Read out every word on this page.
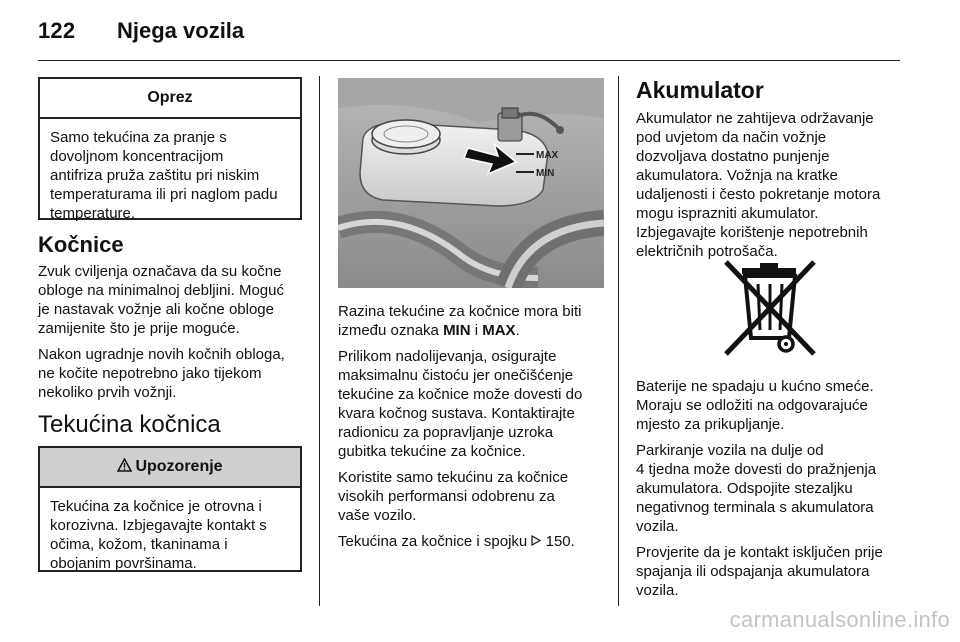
122 Njega vozila
Oprez
Samo tekućina za pranje s
dovoljnom koncentracijom
antifriza pruža zaštitu pri niskim
temperaturama ili pri naglom padu
temperature.
Kočnice

Zvuk cviljenja označava da su kočne
obloge na minimalnoj debljini. Moguć
je nastavak vožnje ali kočne obloge
zamijenite što je prije moguće.

Nakon ugradnje novih kočnih obloga,
ne kočite nepotrebno jako tijekom
nekoliko prvih vožnji.

Tekućina kočnica
Upozorenje
Tekućina za kočnice je otrovna i
korozivna. Izbjegavajte kontakt s
očima, kožom, tkaninama i
obojanim površinama.
MAX
MIN

Razina tekućine za kočnice mora biti
između oznaka MIN i MAX.

Prilikom nadolijevanja, osigurajte
maksimalnu čistoću jer onečišćenje
tekućine za kočnice može dovesti do
kvara kočnog sustava. Kontaktirajte
radionicu za popravljanje uzroka
gubitka tekućine za kočnice.

Koristite samo tekućinu za kočnice
visokih performansi odobrenu za
vaše vozilo.

Tekućina za kočnice i spojku  150.

Akumulator

Akumulator ne zahtijeva održavanje
pod uvjetom da način vožnje
dozvoljava dostatno punjenje
akumulatora. Vožnja na kratke
udaljenosti i često pokretanje motora
mogu isprazniti akumulator.
Izbjegavajte korištenje nepotrebnih
električnih potrošača.

Baterije ne spadaju u kućno smeće.
Moraju se odložiti na odgovarajuće
mjesto za prikupljanje.

Parkiranje vozila na dulje od
4 tjedna može dovesti do pražnjenja
akumulatora. Odspojite stezaljku
negativnog terminala s akumulatora
vozila.

Provjerite da je kontakt isključen prije
spajanja ili odspajanja akumulatora
vozila.

carmanualsonline.info
